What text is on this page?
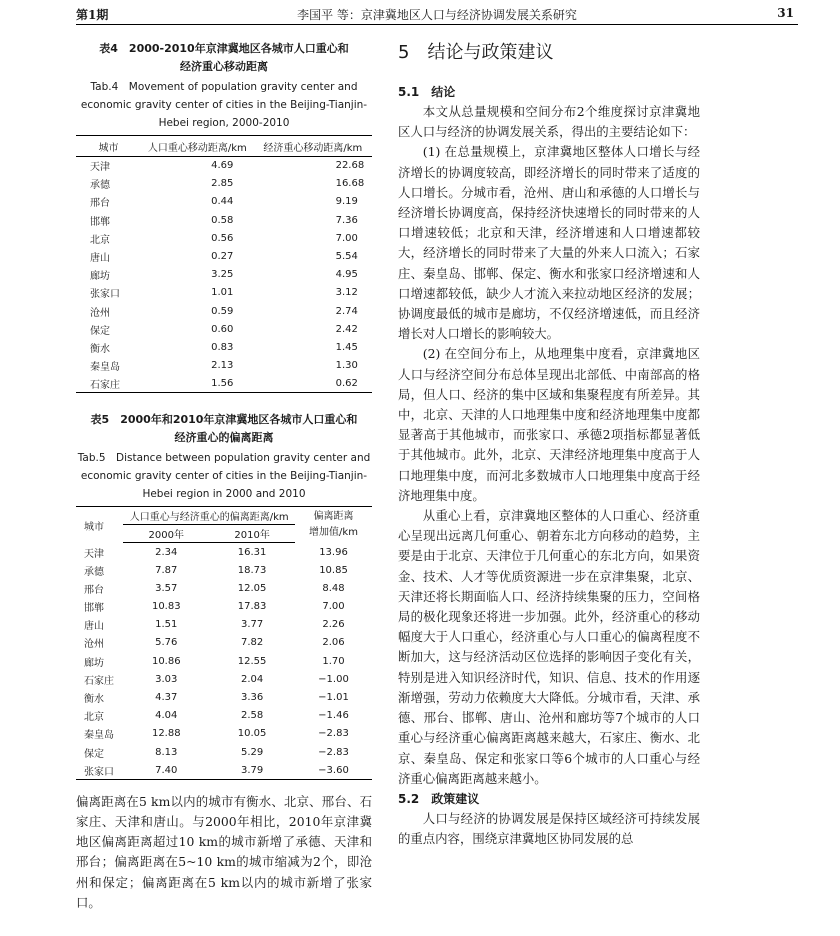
第1期	李国平 等：京津冀地区人口与经济协调发展关系研究	31
表4　2000-2010年京津冀地区各城市人口重心和
经济重心移动距离
Tab.4　Movement of population gravity center and
economic gravity center of cities in the Beijing-Tianjin-
Hebei region, 2000-2010
城市	人口重心移动距离/km	经济重心移动距离/km
天津	4.69	22.68
承德	2.85	16.68
邢台	0.44	9.19
邯郸	0.58	7.36
北京	0.56	7.00
唐山	0.27	5.54
廊坊	3.25	4.95
张家口	1.01	3.12
沧州	0.59	2.74
保定	0.60	2.42
衡水	0.83	1.45
秦皇岛	2.13	1.30
石家庄	1.56	0.62
表5　2000年和2010年京津冀地区各城市人口重心和
经济重心的偏离距离
Tab.5　Distance between population gravity center and
economic gravity center of cities in the Beijing-Tianjin-
Hebei region in 2000 and 2010
城市	人口重心与经济重心的偏离距离/km		偏离距离
增加值/km

	2000年	2010年	
天津	2.34	16.31	13.96
承德	7.87	18.73	10.85
邢台	3.57	12.05	8.48
邯郸	10.83	17.83	7.00
唐山	1.51	3.77	2.26
沧州	5.76	7.82	2.06
廊坊	10.86	12.55	1.70
石家庄	3.03	2.04	−1.00
衡水	4.37	3.36	−1.01
北京	4.04	2.58	−1.46
秦皇岛	12.88	10.05	−2.83
保定	8.13	5.29	−2.83
张家口	7.40	3.79	−3.60

偏离距离在5 km以内的城市有衡水、北京、邢台、石家庄、天津和唐山。与2000年相比，2010年京津冀地区偏离距离超过10 km的城市新增了承德、天津和邢台；偏离距离在5~10 km的城市缩减为2个，即沧州和保定；偏离距离在5 km以内的城市新增了张家口。

5　结论与政策建议
5.1　结论

本文从总量规模和空间分布2个维度探讨京津冀地区人口与经济的协调发展关系，得出的主要结论如下：

(1) 在总量规模上，京津冀地区整体人口增长与经济增长的协调度较高，即经济增长的同时带来了适度的人口增长。分城市看，沧州、唐山和承德的人口增长与经济增长协调度高，保持经济快速增长的同时带来的人口增速较低；北京和天津，经济增速和人口增速都较大，经济增长的同时带来了大量的外来人口流入；石家庄、秦皇岛、邯郸、保定、衡水和张家口经济增速和人口增速都较低，缺少人才流入来拉动地区经济的发展；协调度最低的城市是廊坊，不仅经济增速低，而且经济增长对人口增长的影响较大。

(2) 在空间分布上，从地理集中度看，京津冀地区人口与经济空间分布总体呈现出北部低、中南部高的格局，但人口、经济的集中区域和集聚程度有所差异。其中，北京、天津的人口地理集中度和经济地理集中度都显著高于其他城市，而张家口、承德2项指标都显著低于其他城市。此外，北京、天津经济地理集中度高于人口地理集中度，而河北多数城市人口地理集中度高于经济地理集中度。

从重心上看，京津冀地区整体的人口重心、经济重心呈现出远离几何重心、朝着东北方向移动的趋势，主要是由于北京、天津位于几何重心的东北方向，如果资金、技术、人才等优质资源进一步在京津集聚，北京、天津还将长期面临人口、经济持续集聚的压力，空间格局的极化现象还将进一步加强。此外，经济重心的移动幅度大于人口重心，经济重心与人口重心的偏离程度不断加大，这与经济活动区位选择的影响因子变化有关，特别是进入知识经济时代，知识、信息、技术的作用逐渐增强，劳动力依赖度大大降低。分城市看，天津、承德、邢台、邯郸、唐山、沧州和廊坊等7个城市的人口重心与经济重心偏离距离越来越大，石家庄、衡水、北京、秦皇岛、保定和张家口等6个城市的人口重心与经济重心偏离距离越来越小。

5.2　政策建议

人口与经济的协调发展是保持区域经济可持续发展的重点内容，围绕京津冀地区协同发展的总
